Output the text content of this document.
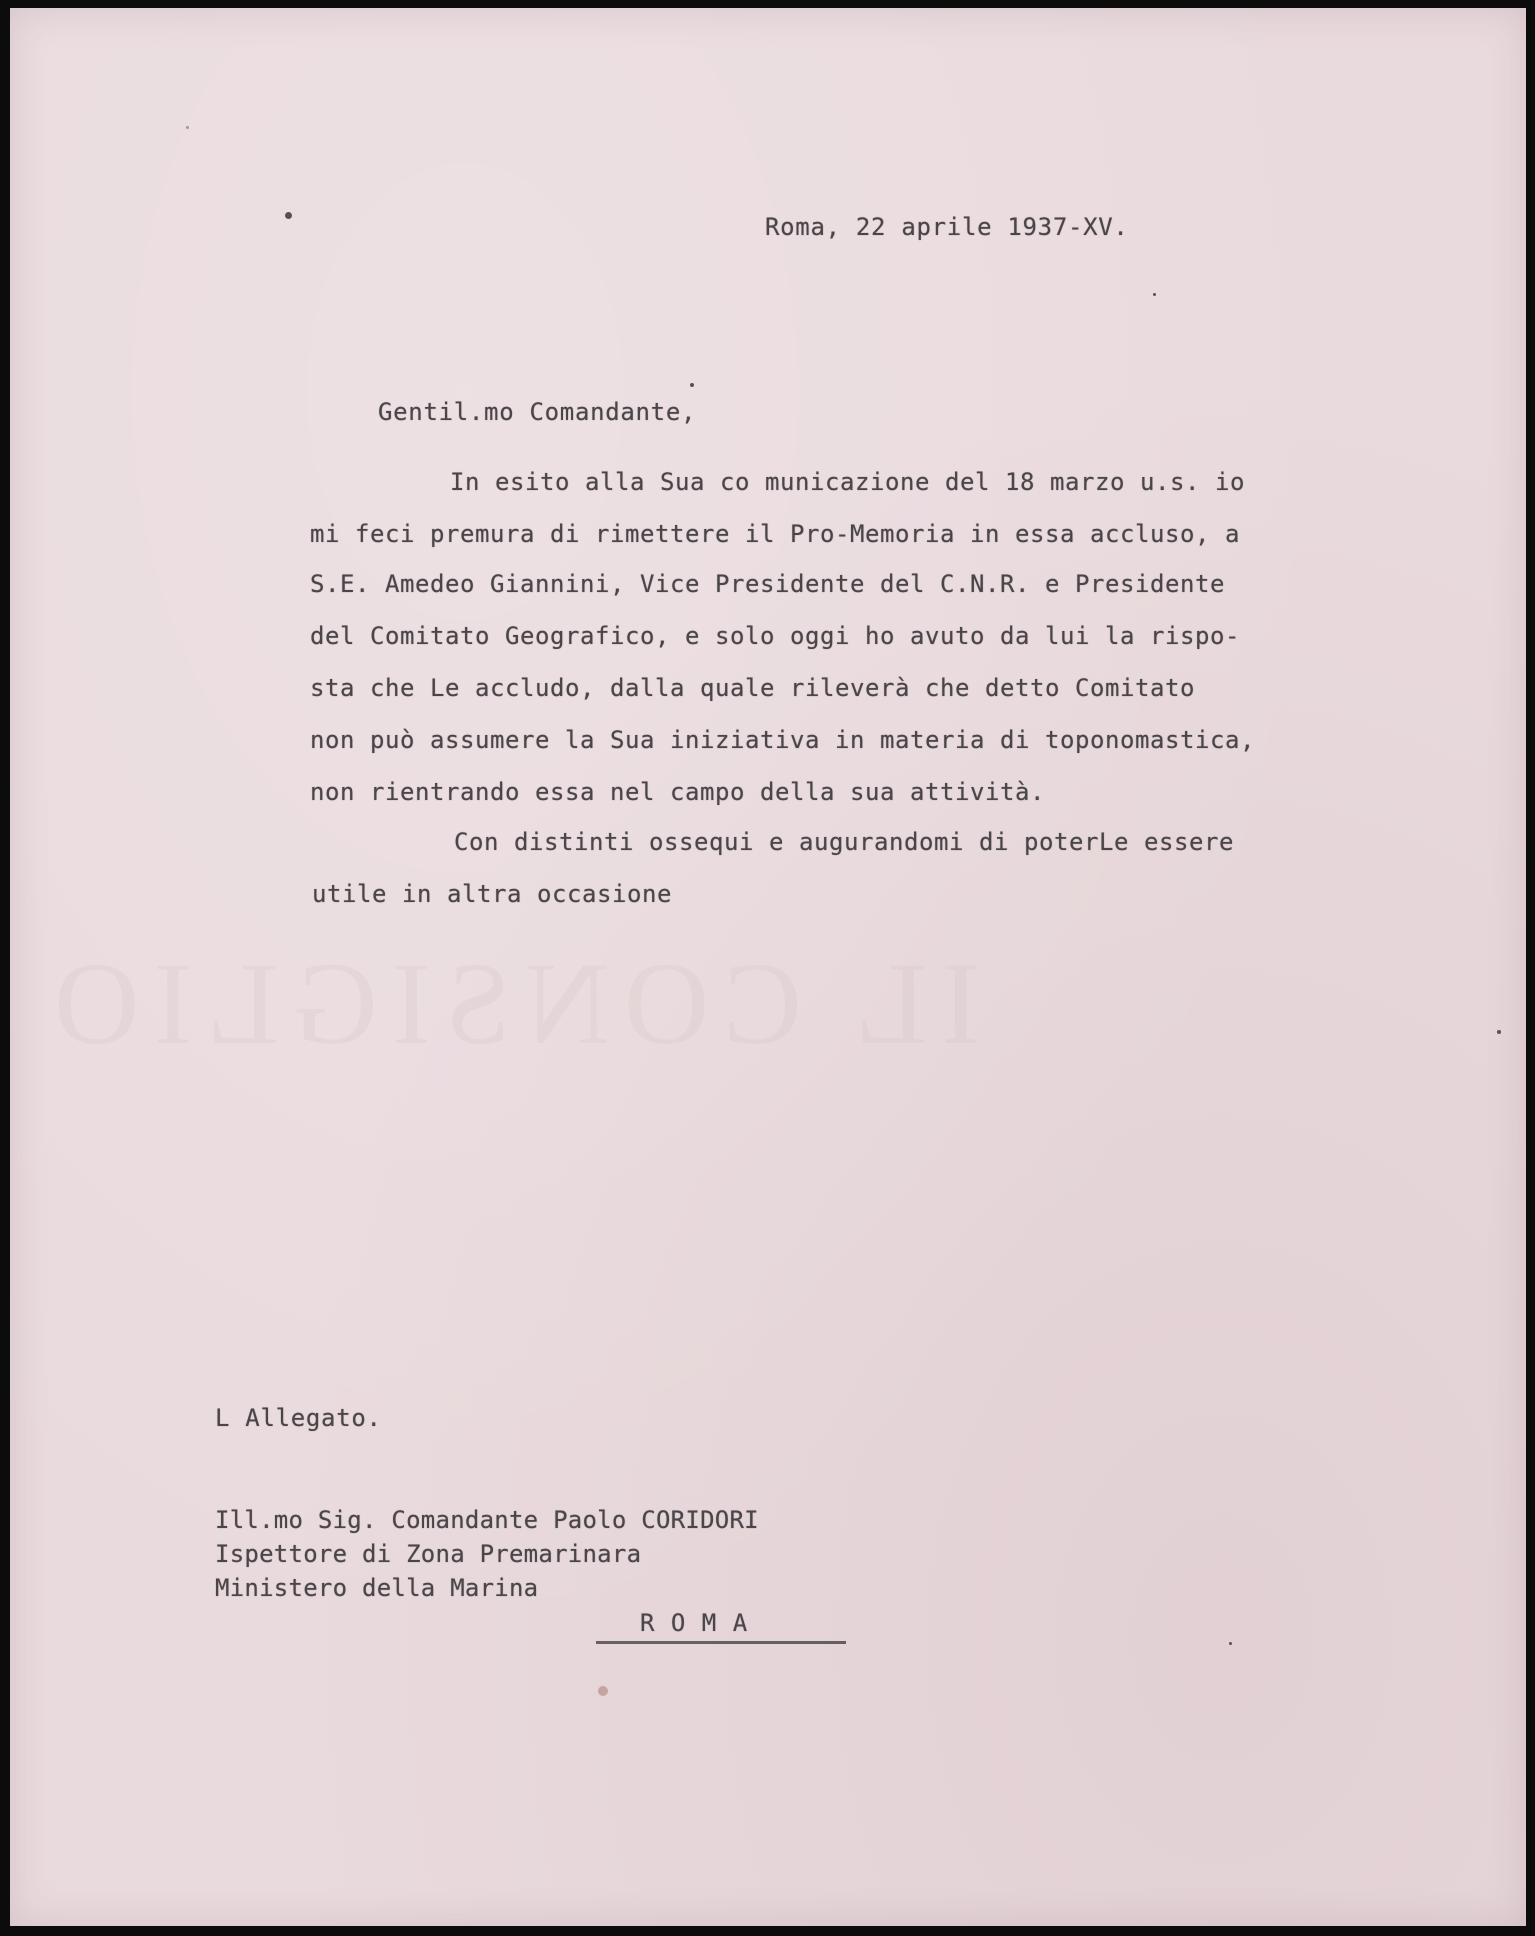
IL CONSIGLIO

Roma, 22 aprile 1937-XV.

Gentil.mo Comandante,

In esito alla Sua co municazione del 18 marzo u.s. io

mi feci premura di rimettere il Pro-Memoria in essa accluso, a

S.E. Amedeo Giannini, Vice Presidente del C.N.R. e Presidente

del Comitato Geografico, e solo oggi ho avuto da lui la rispo-

sta che Le accludo, dalla quale rileverà che detto Comitato

non può assumere la Sua iniziativa in materia di toponomastica,

non rientrando essa nel campo della sua attività.

Con distinti ossequi e augurandomi di poterLe essere

utile in altra occasione

L Allegato.

Ill.mo Sig. Comandante Paolo CORIDORI

Ispettore di Zona Premarinara

Ministero della Marina

R O M A
